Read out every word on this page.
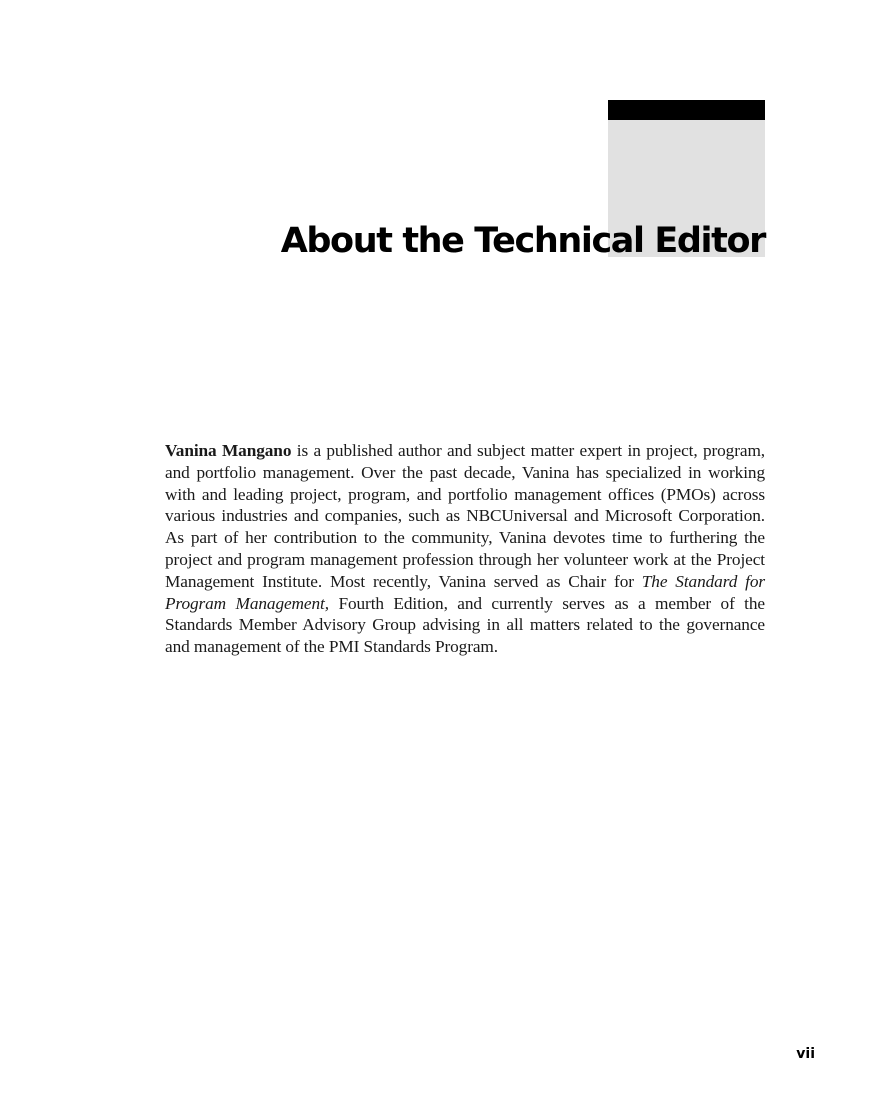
About the Technical Editor

Vanina Mangano is a published author and subject matter expert in project, program, and portfolio management. Over the past decade, Vanina has specialized in working with and leading project, program, and portfolio management offices (PMOs) across various industries and companies, such as NBCUniversal and Microsoft Corporation. As part of her contribution to the community, Vanina devotes time to furthering the project and program management profession through her volunteer work at the Project Management Institute. Most recently, Vanina served as Chair for The Standard for Program Management, Fourth Edition, and currently serves as a member of the Standards Member Advisory Group advising in all matters related to the governance and management of the PMI Standards Program.

vii
